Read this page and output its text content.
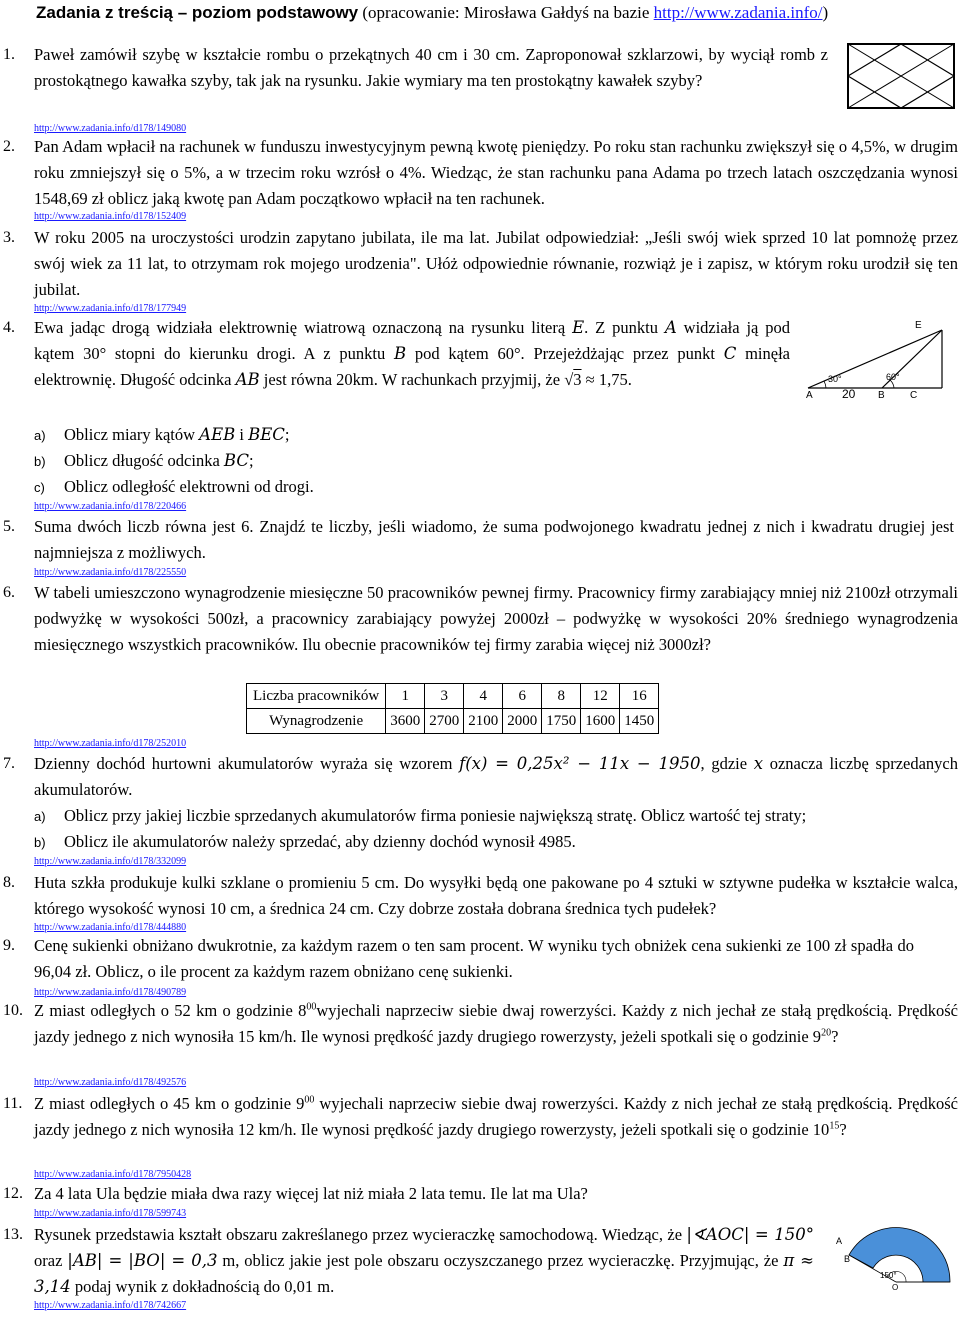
Zadania z treścią – poziom podstawowy (opracowanie: Mirosława Gałdyś na bazie http://www.zadania.info/)
1. Paweł zamówił szybę w kształcie rombu o przekątnych 40 cm i 30 cm. Zaproponował szklarzowi, by wyciął romb z prostokątnego kawałka szyby, tak jak na rysunku. Jakie wymiary ma ten prostokątny kawałek szyby?
http://www.zadania.info/d178/149080
2. Pan Adam wpłacił na rachunek w funduszu inwestycyjnym pewną kwotę pieniędzy. Po roku stan rachunku zwiększył się o 4,5%, w drugim roku zmniejszył się o 5%, a w trzecim roku wzrósł o 4%. Wiedząc, że stan rachunku pana Adama po trzech latach oszczędzania wynosi 1548,69 zł oblicz jaką kwotę pan Adam początkowo wpłacił na ten rachunek.
http://www.zadania.info/d178/152409
3. W roku 2005 na uroczystości urodzin zapytano jubilata, ile ma lat. Jubilat odpowiedział: „Jeśli swój wiek sprzed 10 lat pomnożę przez swój wiek za 11 lat, to otrzymam rok mojego urodzenia". Ułóż odpowiednie równanie, rozwiąż je i zapisz, w którym roku urodził się ten jubilat.
http://www.zadania.info/d178/177949
4. Ewa jadąc drogą widziała elektrownię wiatrową oznaczoną na rysunku literą E. Z punktu A widziała ją pod kątem 30° stopni do kierunku drogi. A z punktu B pod kątem 60°. Przejeżdżając przez punkt C minęła elektrownię. Długość odcinka AB jest równa 20km. W rachunkach przyjmij, że √3 ≈ 1,75.
a) Oblicz miary kątów AEB i BEC;
b) Oblicz długość odcinka BC;
c) Oblicz odległość elektrowni od drogi.
A	B	C
E
30°	60°
20
http://www.zadania.info/d178/220466
5. Suma dwóch liczb równa jest 6. Znajdź te liczby, jeśli wiadomo, że suma podwojonego kwadratu jednej z nich i kwadratu drugiej jest najmniejsza z możliwych.
http://www.zadania.info/d178/225550
6. W tabeli umieszczono wynagrodzenie miesięczne 50 pracowników pewnej firmy. Pracownicy firmy zarabiający mniej niż 2100zł otrzymali podwyżkę w wysokości 500zł, a pracownicy zarabiający powyżej 2000zł – podwyżkę w wysokości 20% średniego wynagrodzenia miesięcznego wszystkich pracowników. Ilu obecnie pracowników tej firmy zarabia więcej niż 3000zł?
Liczba pracowników	1	3	4	6	8	12	16
Wynagrodzenie	3600	2700	2100	2000	1750	1600	1450
http://www.zadania.info/d178/252010
7. Dzienny dochód hurtowni akumulatorów wyraża się wzorem f(x) = 0,25x² − 11x − 1950, gdzie x oznacza liczbę sprzedanych akumulatorów.
a) Oblicz przy jakiej liczbie sprzedanych akumulatorów firma poniesie największą stratę. Oblicz wartość tej straty;
b) Oblicz ile akumulatorów należy sprzedać, aby dzienny dochód wynosił 4985.
http://www.zadania.info/d178/332099
8. Huta szkła produkuje kulki szklane o promieniu 5 cm. Do wysyłki będą one pakowane po 4 sztuki w sztywne pudełka w kształcie walca, którego wysokość wynosi 10 cm, a średnica 24 cm. Czy dobrze została dobrana średnica tych pudełek?
http://www.zadania.info/d178/444880
9. Cenę sukienki obniżano dwukrotnie, za każdym razem o ten sam procent. W wyniku tych obniżek cena sukienki ze 100 zł spadła do 96,04 zł. Oblicz, o ile procent za każdym razem obniżano cenę sukienki.
http://www.zadania.info/d178/490789
10. Z miast odległych o 52 km o godzinie $8^{00}wyjechali$ naprzeciw siebie dwaj rowerzyści. Każdy z nich jechał ze stałą prędkością. Prędkość jazdy jednego z nich wynosiła 15 km/h. Ile wynosi prędkość jazdy drugiego rowerzysty, jeżeli spotkali się o godzinie $9^{20}$?
http://www.zadania.info/d178/492576
11. Z miast odległych o 45 km o godzinie $9^{00}$ wyjechali naprzeciw siebie dwaj rowerzyści. Każdy z nich jechał ze stałą prędkością. Prędkość jazdy jednego z nich wynosiła 12 km/h. Ile wynosi prędkość jazdy drugiego rowerzysty, jeżeli spotkali się o godzinie $10^{15}$?
http://www.zadania.info/d178/7950428
12. Za 4 lata Ula będzie miała dwa razy więcej lat niż miała 2 lata temu. Ile lat ma Ula?
http://www.zadania.info/d178/599743
13. Rysunek przedstawia kształt obszaru zakreślanego przez wycieraczkę samochodową. Wiedząc, że |∢AOC| = 150° oraz |AB| = |BO| = 0,3 m, oblicz jakie jest pole obszaru oczyszczanego przez wycieraczkę. Przyjmując, że π ≈ 3,14 podaj wynik z dokładnością do 0,01 m.
B
A
O
150°
http://www.zadania.info/d178/742667
